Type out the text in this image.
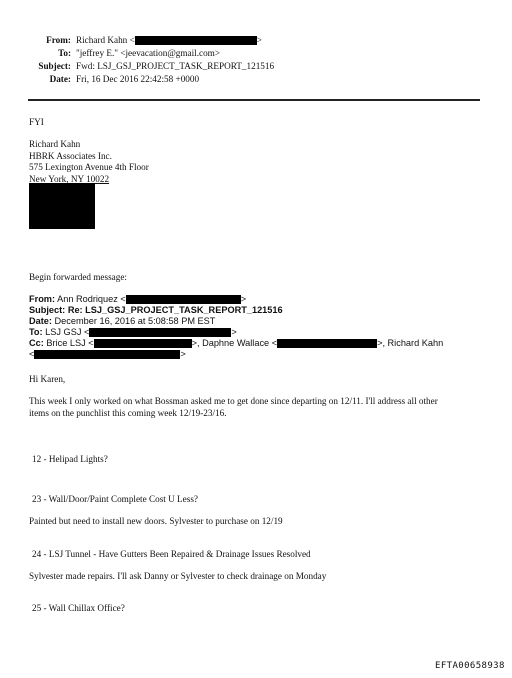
From: Richard Kahn <	>
To: "jeffrey E." <jeevacation@gmail.com>
Subject: Fwd: LSJ_GSJ_PROJECT_TASK_REPORT_121516
Date: Fri, 16 Dec 2016 22:42:58 +0000
FYI
Richard Kahn
HBRK Associates Inc.
575 Lexington Avenue 4th Floor
New York, NY 10022
Begin forwarded message:
From: Ann Rodriquez <	>
Subject: Re: LSJ_GSJ_PROJECT_TASK_REPORT_121516
Date: December 16, 2016 at 5:08:58 PM EST
To: LSJ GSJ <	>
Cc: Brice LSJ <	>, Daphne Wallace <	>, Richard Kahn
<	>
Hi Karen,
This week I only worked on what Bossman asked me to get done since departing on 12/11. I'll address all other
items on the punchlist this coming week 12/19-23/16.
12 - Helipad Lights?
23 - Wall/Door/Paint Complete Cost U Less?
Painted but need to install new doors. Sylvester to purchase on 12/19
24 - LSJ Tunnel - Have Gutters Been Repaired & Drainage Issues Resolved
Sylvester made repairs. I'll ask Danny or Sylvester to check drainage on Monday
25 - Wall Chillax Office?
EFTA00658938
